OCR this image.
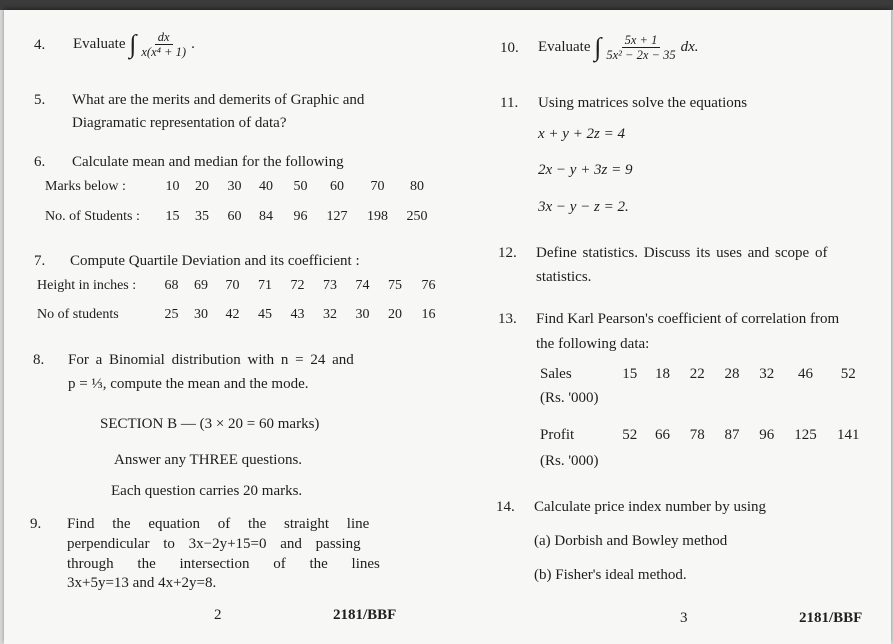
4. Evaluate ∫ $\frac{dx}{\text{x(x⁴ + 1)}}$ .
5. What are the merits and demerits of Graphic and
Diagramatic representation of data?
6. Calculate mean and median for the following
Marks below :	10 20 30 40 50 60 70 80
No. of Students : 15 35 60 84 96 127 198 250
7. Compute Quartile Deviation and its coefficient :
Height in inches : 68 69 70 71 72 73 74 75 76
No of students	25 30 42 45 43 32 30 20 16
8. For a Binomial distribution with n = 24 and
p = ⅓, compute the mean and the mode.
SECTION B — (3 × 20 = 60 marks)
Answer any THREE questions.
Each question carries 20 marks.
9. Find the equation of the straight line
perpendicular to 3x−2y+15=0 and passing
through the intersection of the lines
3x+5y=13 and 4x+2y=8.
2	2181/BBF
10. Evaluate ∫ $\frac{5x + 1}{\text{5x² − 2x − 35}}$ dx.
11. Using matrices solve the equations
x + y + 2z = 4
2x − y + 3z = 9
3x − y − z = 2.
12. Define statistics. Discuss its uses and scope of
statistics.
13. Find Karl Pearson's coefficient of correlation from
the following data:
Sales	15 18 22 28 32 46 52
(Rs. '000)
Profit	52 66 78 87 96 125 141
(Rs. '000)
14. Calculate price index number by using
(a) Dorbish and Bowley method
(b) Fisher's ideal method.
3	2181/BBF
